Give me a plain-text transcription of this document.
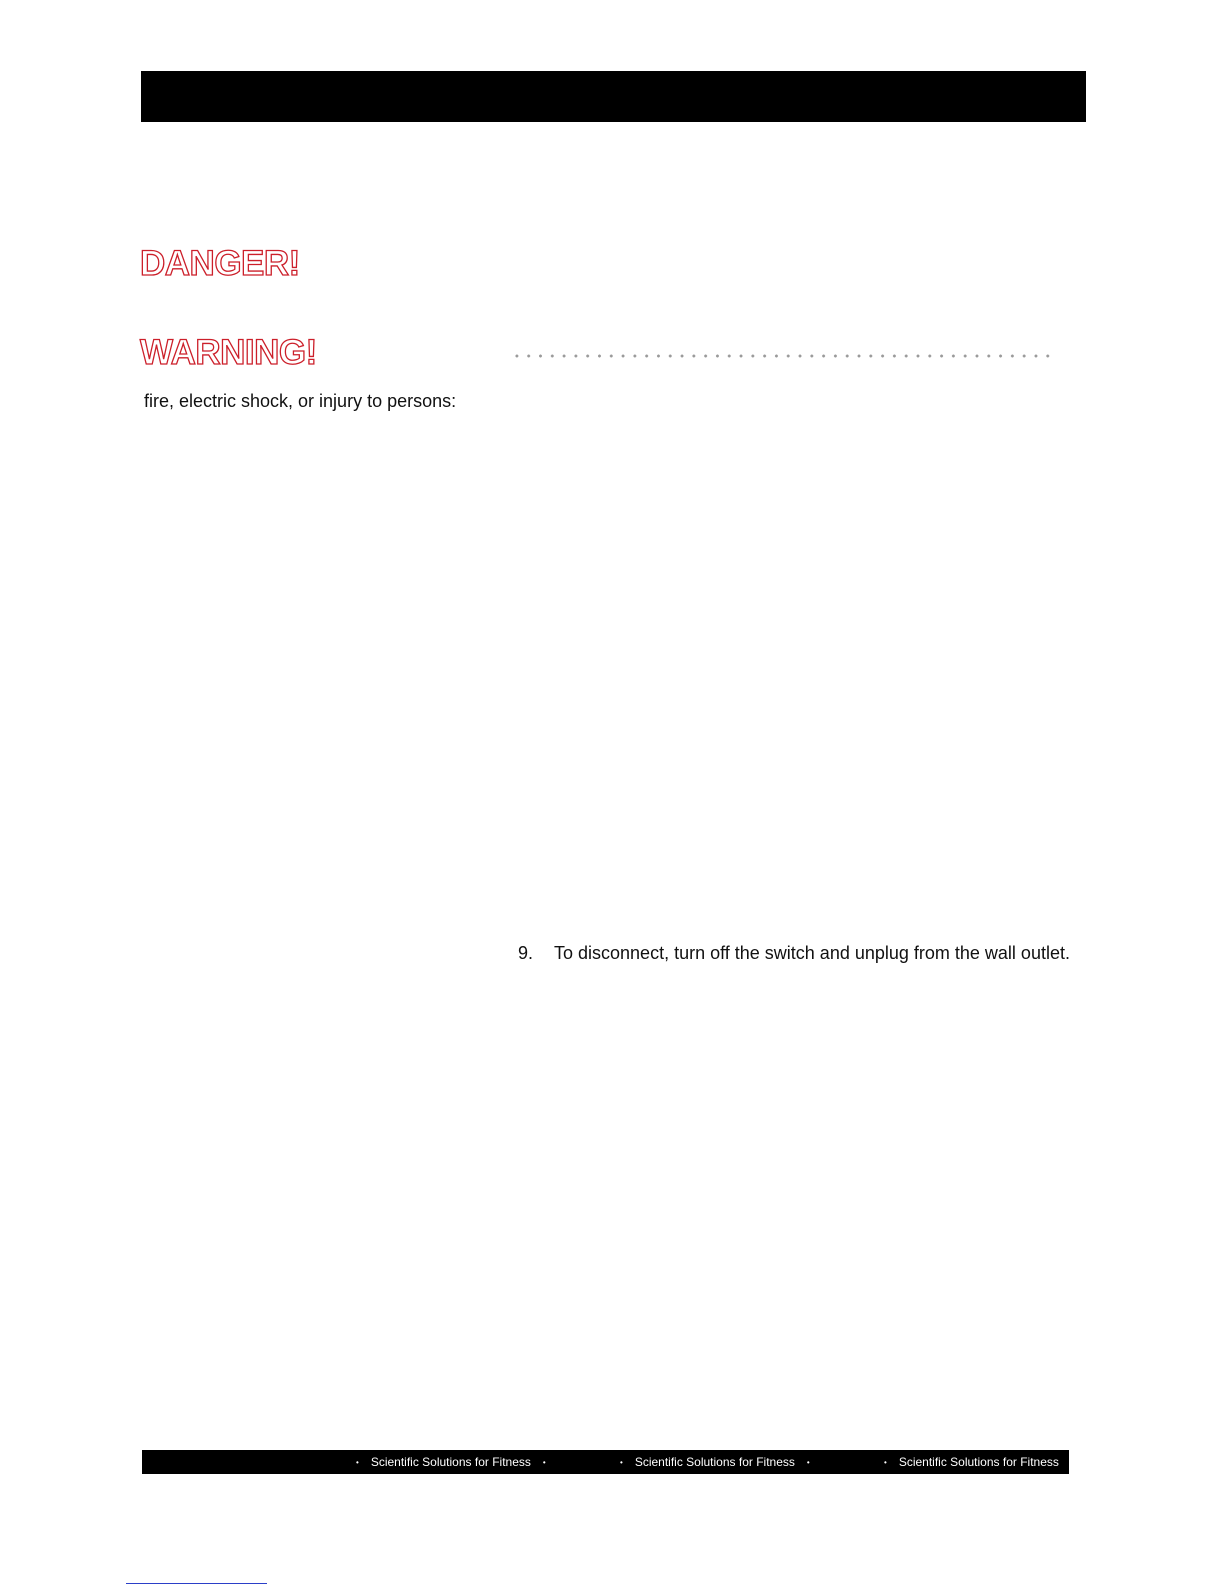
DANGER!
WARNING!

fire, electric shock, or injury to persons:

9. To disconnect, turn off the switch and unplug from the wall outlet.
• Scientific Solutions for Fitness •	• Scientific Solutions for Fitness •	• Scientific Solutions for Fitness •
